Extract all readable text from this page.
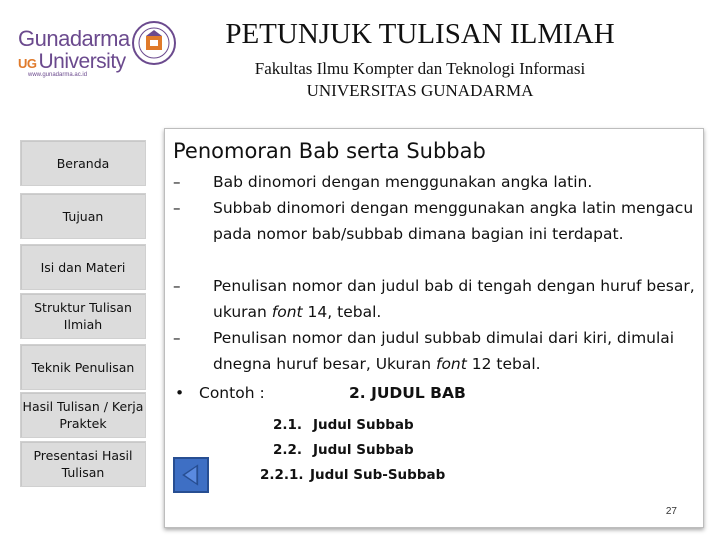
Gunadarma
UGUniversity
www.gunadarma.ac.id
PETUNJUK TULISAN ILMIAH
Fakultas Ilmu Kompter dan Teknologi Informasi
UNIVERSITAS GUNADARMA
Beranda
Tujuan
Isi dan Materi
Struktur Tulisan Ilmiah
Teknik Penulisan
Hasil Tulisan / Kerja Praktek
Presentasi Hasil Tulisan
Penomoran Bab serta Subbab
– Bab dinomori dengan menggunakan angka latin.
– Subbab dinomori dengan menggunakan angka latin mengacu pada nomor bab/subbab dimana bagian ini terdapat.
– Penulisan nomor dan judul bab di tengah dengan huruf besar, ukuran font 14, tebal.
– Penulisan nomor dan judul subbab dimulai dari kiri, dimulai dnegna huruf besar, Ukuran font 12 tebal.
• Contoh :	2. JUDUL BAB
2.1. Judul Subbab
2.2. Judul Subbab
2.2.1. Judul Sub-Subbab
27
